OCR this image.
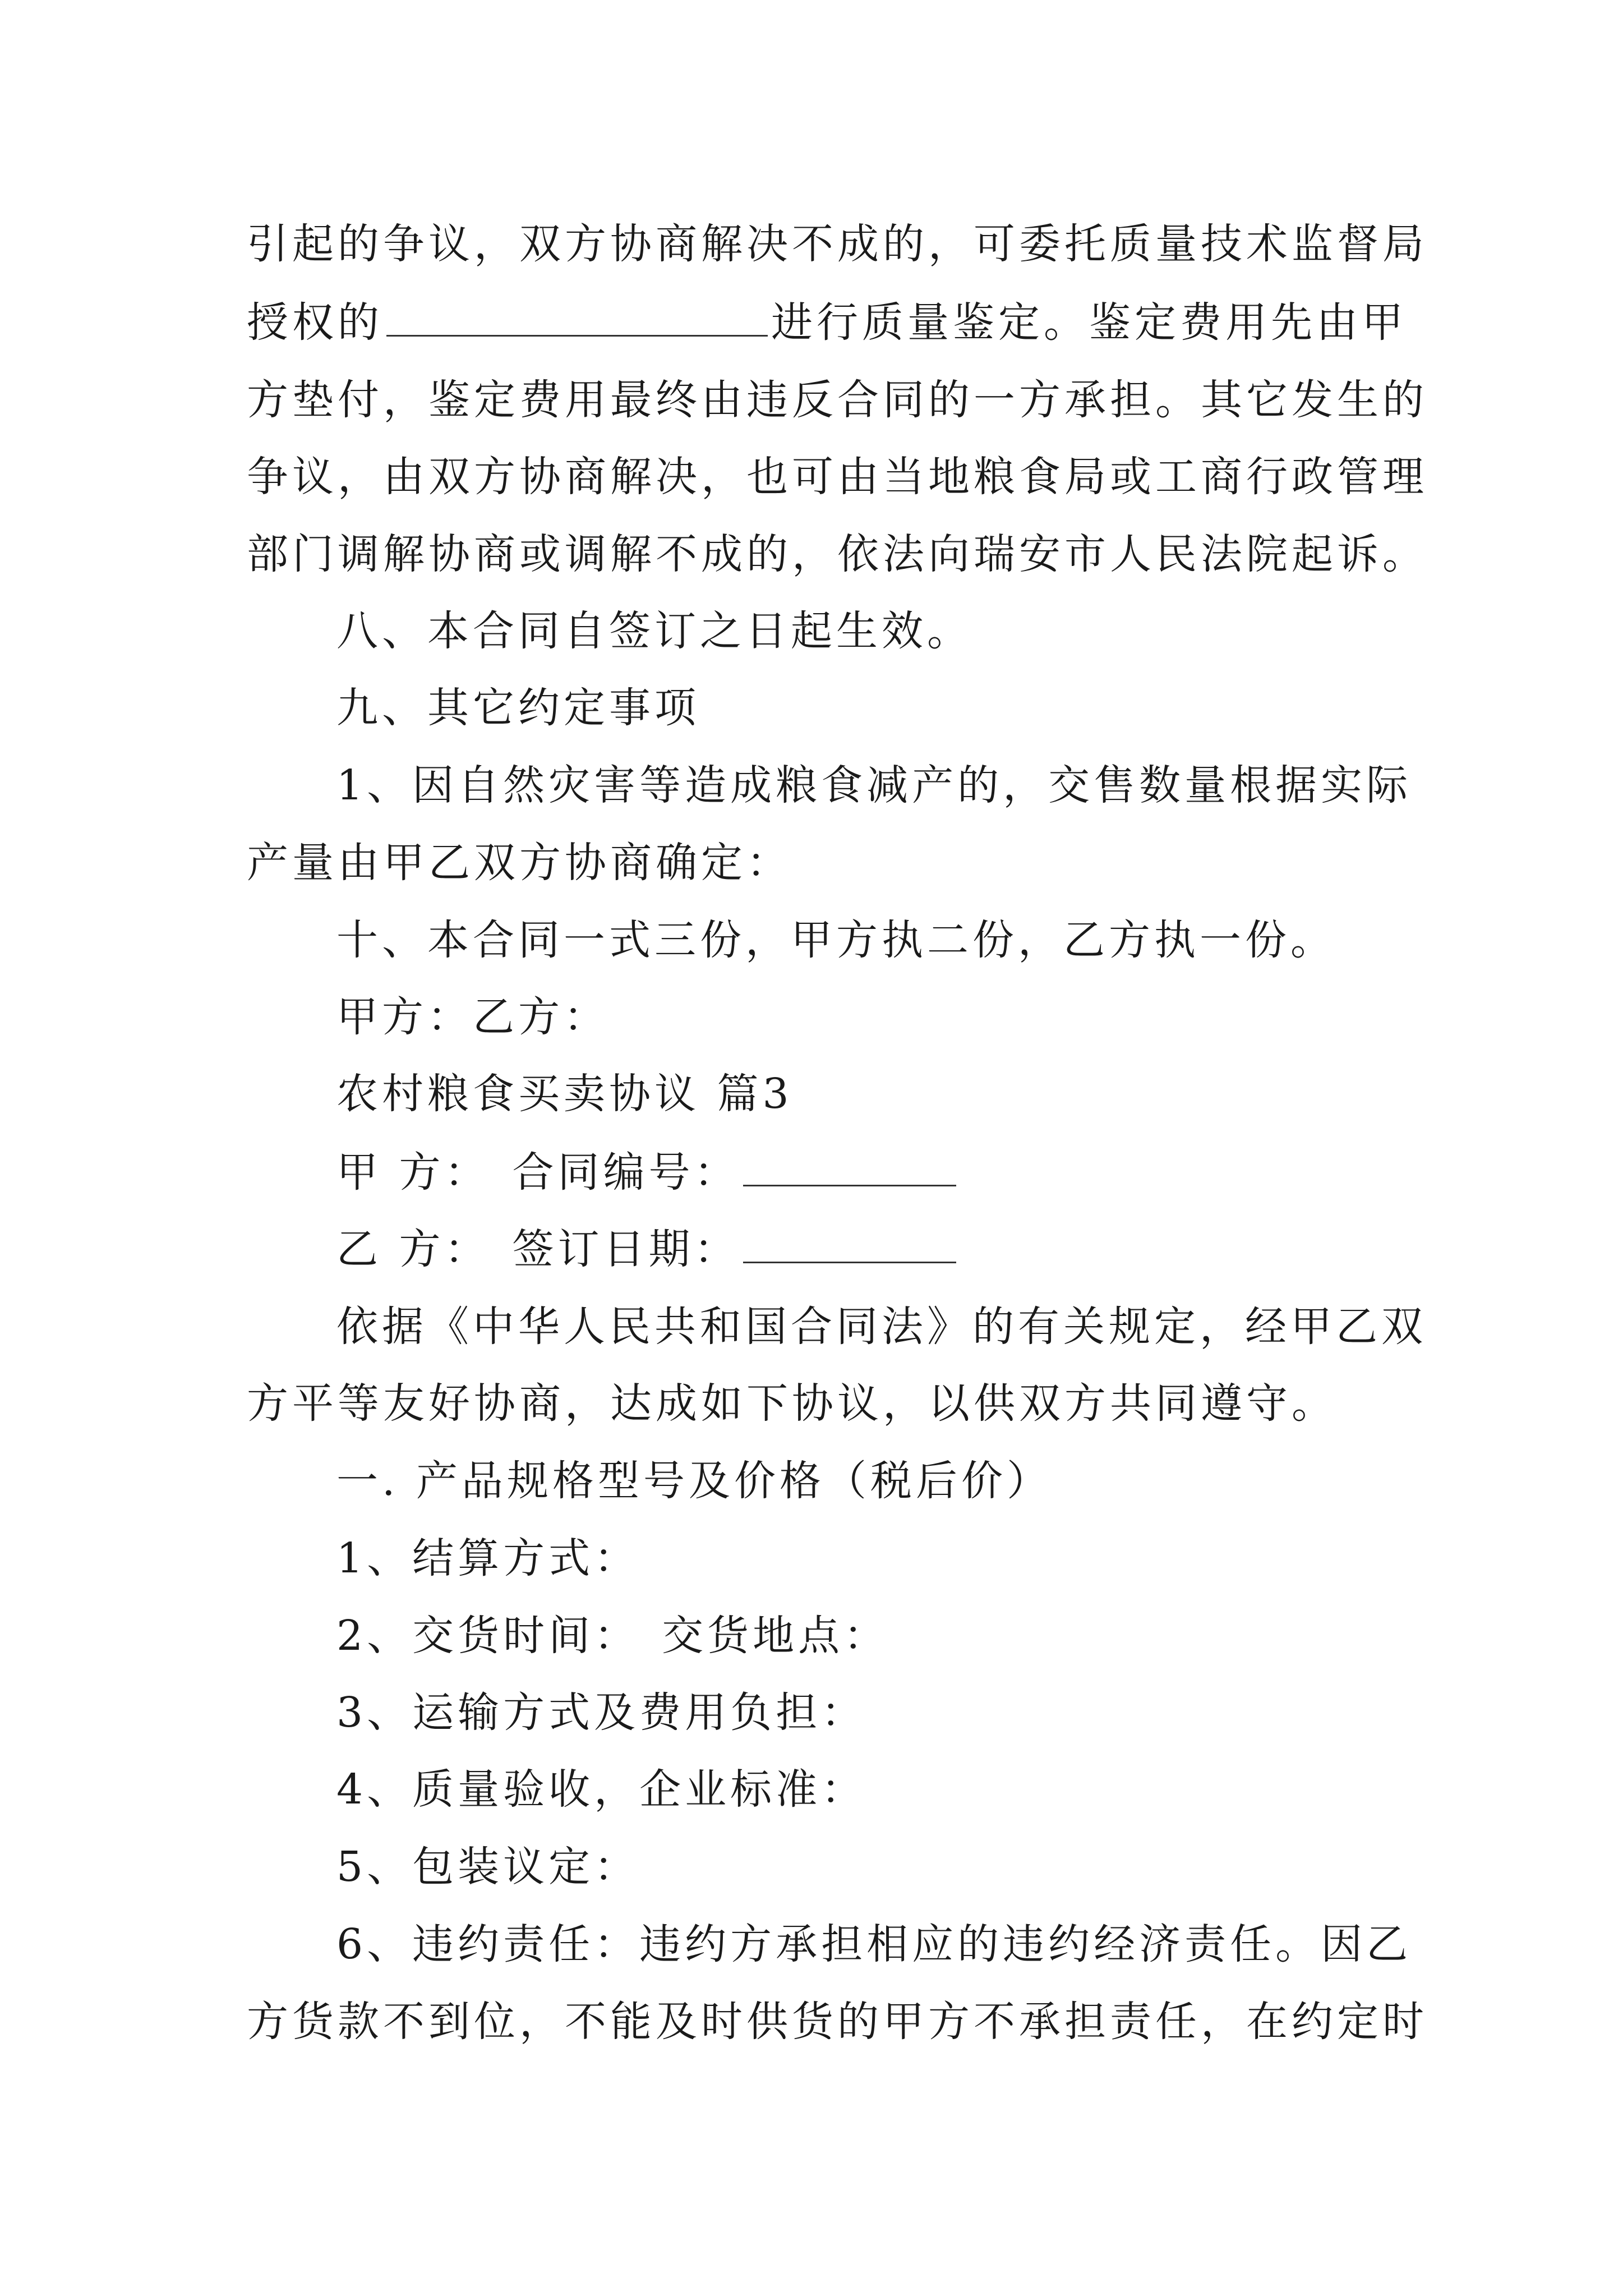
引起的争议，双方协商解决不成的，可委托质量技术监督局
授权的	进行质量鉴定。鉴定费用先由甲
方垫付，鉴定费用最终由违反合同的一方承担。其它发生的
争议，由双方协商解决，也可由当地粮食局或工商行政管理
部门调解协商或调解不成的，依法向瑞安市人民法院起诉。
八、本合同自签订之日起生效。
九、其它约定事项
1、因自然灾害等造成粮食减产的，交售数量根据实际
产量由甲乙双方协商确定：
十、本合同一式三份，甲方执二份，乙方执一份。
甲方：乙方：
农村粮食买卖协议 篇3
甲 方： 合同编号：
乙 方： 签订日期：
依据《中华人民共和国合同法》的有关规定，经甲乙双
方平等友好协商，达成如下协议，以供双方共同遵守。
一. 产品规格型号及价格（税后价）
1、结算方式：
2、交货时间： 交货地点：
3、运输方式及费用负担：
4、质量验收，企业标准：
5、包装议定：
6、违约责任：违约方承担相应的违约经济责任。因乙
方货款不到位，不能及时供货的甲方不承担责任，在约定时
